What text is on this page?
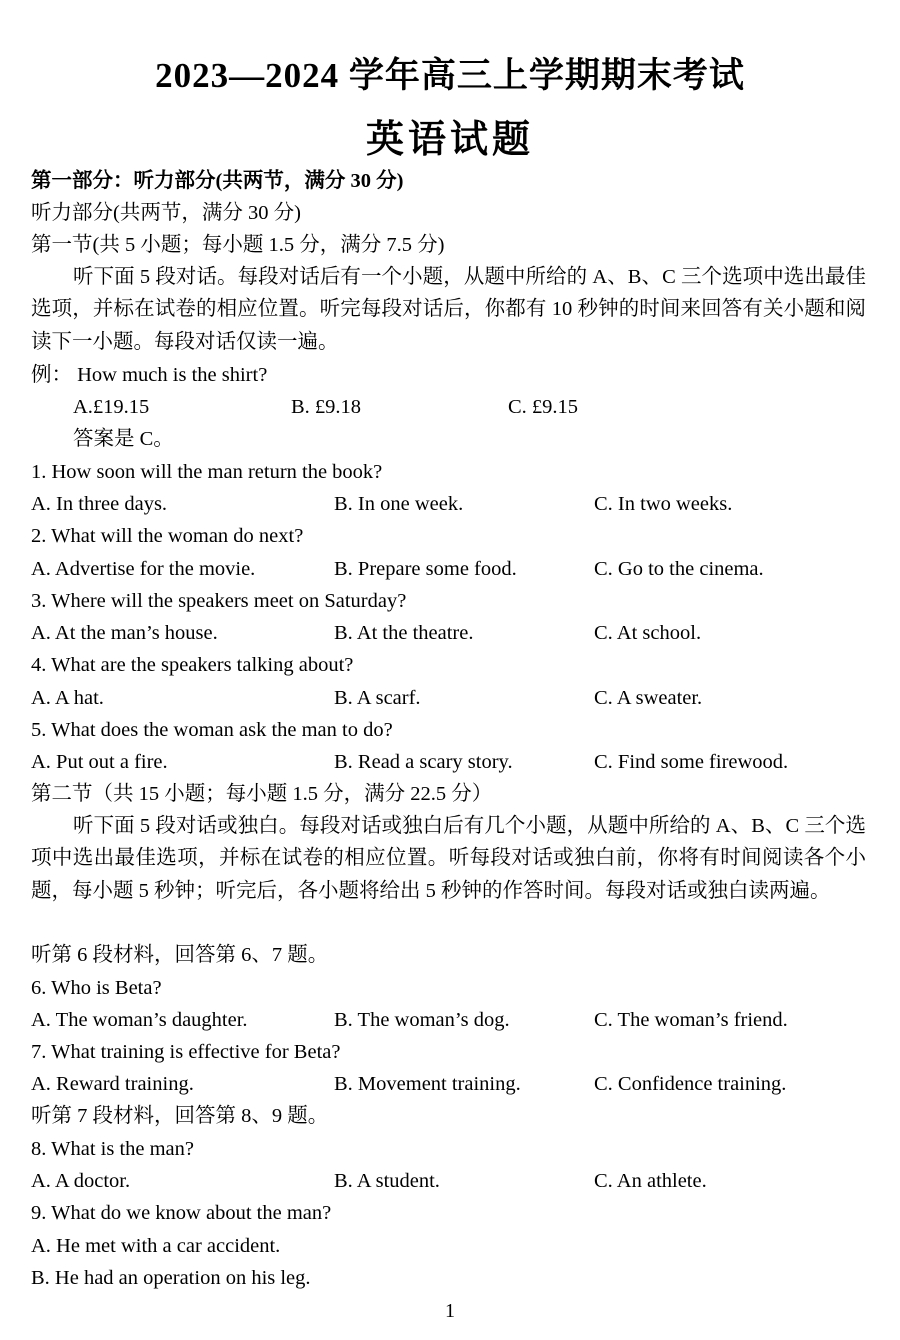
2023—2024 学年高三上学期期末考试
英语试题
第一部分：听力部分(共两节，满分 30 分)
听力部分(共两节，满分 30 分)
第一节(共 5 小题；每小题 1.5 分，满分 7.5 分)
听下面 5 段对话。每段对话后有一个小题，从题中所给的 A、B、C 三个选项中选出最佳选项，并标在试卷的相应位置。听完每段对话后，你都有 10 秒钟的时间来回答有关小题和阅读下一小题。每段对话仅读一遍。
例： How much is the shirt?
A.£19.15	B. £9.18	C. £9.15
答案是 C。
1. How soon will the man return the book?
A. In three days.	B. In one week.	C. In two weeks.
2. What will the woman do next?
A. Advertise for the movie.	B. Prepare some food.	C. Go to the cinema.
3. Where will the speakers meet on Saturday?
A. At the man’s house.	B. At the theatre.	C. At school.
4. What are the speakers talking about?
A. A hat.	B. A scarf.	C. A sweater.
5. What does the woman ask the man to do?
A. Put out a fire.	B. Read a scary story.	C. Find some firewood.
第二节（共 15 小题；每小题 1.5 分，满分 22.5 分）
听下面 5 段对话或独白。每段对话或独白后有几个小题，从题中所给的 A、B、C 三个选项中选出最佳选项，并标在试卷的相应位置。听每段对话或独白前，你将有时间阅读各个小题，每小题 5 秒钟；听完后，各小题将给出 5 秒钟的作答时间。每段对话或独白读两遍。
听第 6 段材料，回答第 6、7 题。
6. Who is Beta?
A. The woman’s daughter.	B. The woman’s dog.	C. The woman’s friend.
7. What training is effective for Beta?
A. Reward training.	B. Movement training.	C. Confidence training.
听第 7 段材料，回答第 8、9 题。
8. What is the man?
A. A doctor.	B. A student.	C. An athlete.
9. What do we know about the man?
A. He met with a car accident.
B. He had an operation on his leg.
1
